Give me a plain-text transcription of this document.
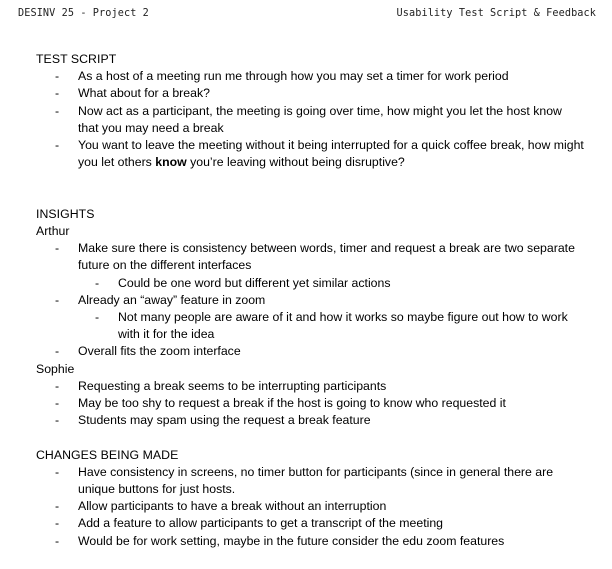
DESINV 25 - Project 2	Usability Test Script & Feedback
TEST SCRIPT
- As a host of a meeting run me through how you may set a timer for work period
- What about for a break?
- Now act as a participant, the meeting is going over time, how might you let the host know that you may need a break
- You want to leave the meeting without it being interrupted for a quick coffee break, how might you let others know you’re leaving without being disruptive?
INSIGHTS
Arthur
- Make sure there is consistency between words, timer and request a break are two separate future on the different interfaces
- Could be one word but different yet similar actions
- Already an “away” feature in zoom
- Not many people are aware of it and how it works so maybe figure out how to work with it for the idea
- Overall fits the zoom interface
Sophie
- Requesting a break seems to be interrupting participants
- May be too shy to request a break if the host is going to know who requested it
- Students may spam using the request a break feature
CHANGES BEING MADE
- Have consistency in screens, no timer button for participants (since in general there are unique buttons for just hosts.
- Allow participants to have a break without an interruption
- Add a feature to allow participants to get a transcript of the meeting
- Would be for work setting, maybe in the future consider the edu zoom features
